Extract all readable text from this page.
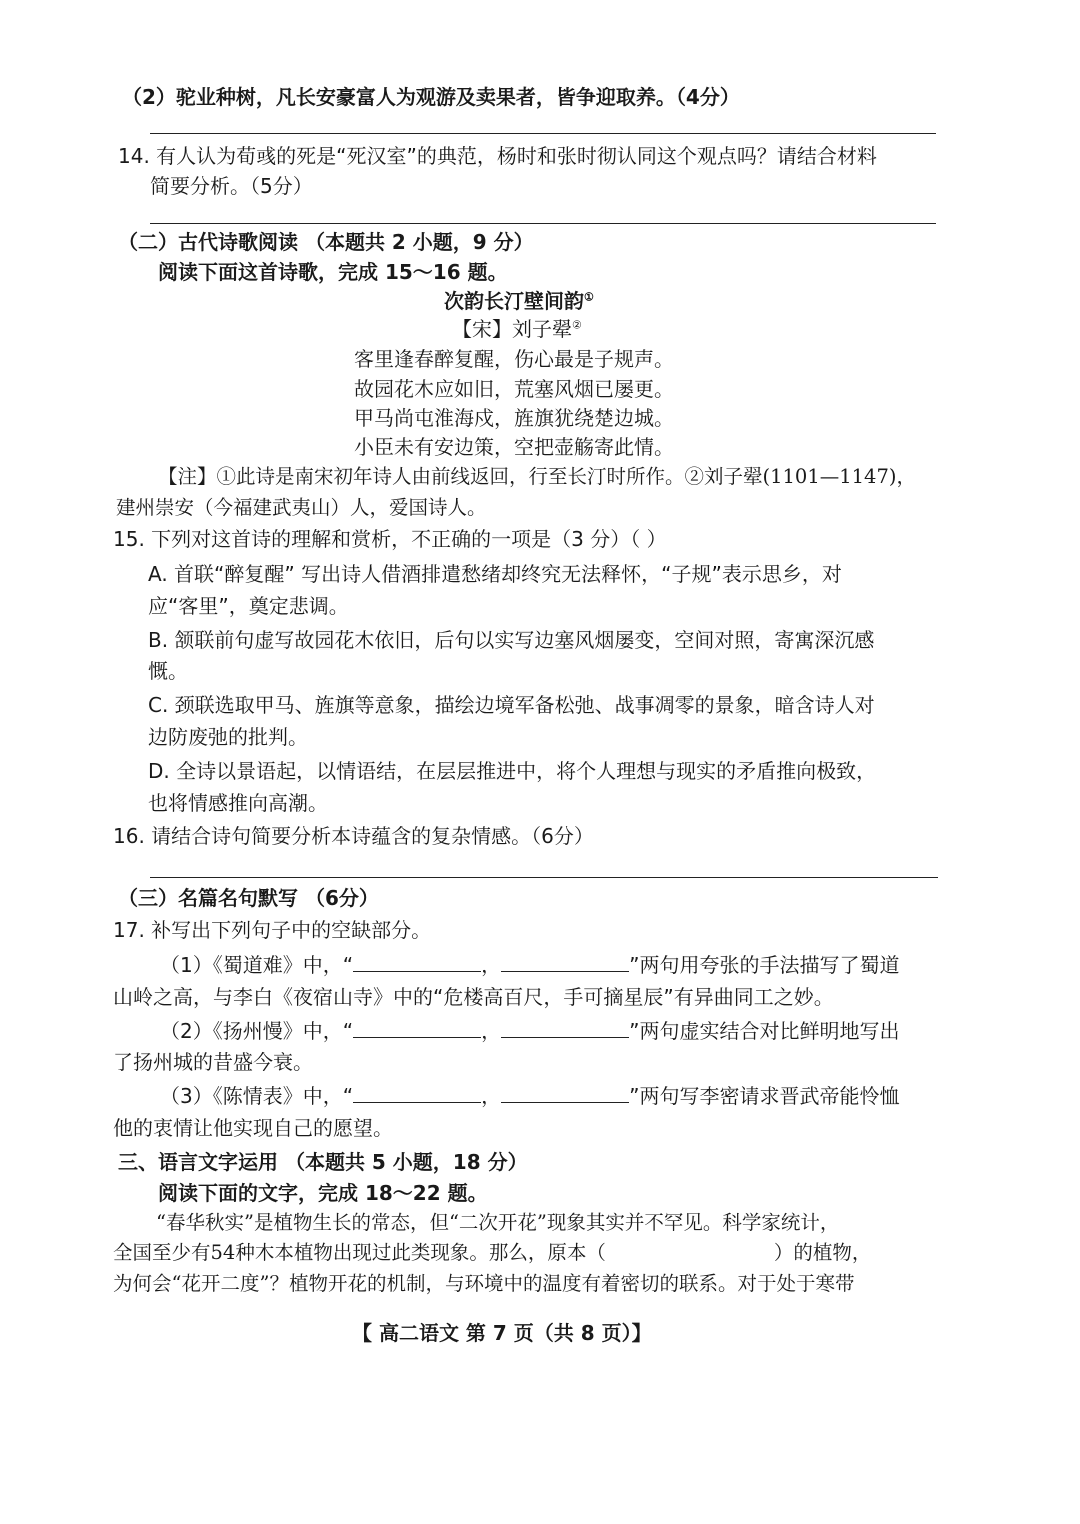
（2）驼业种树，凡长安豪富人为观游及卖果者，皆争迎取养。（4分）
14. 有人认为荀彧的死是“死汉室”的典范，杨时和张时彻认同这个观点吗？请结合材料
简要分析。（5分）
（二）古代诗歌阅读 （本题共 2 小题，9 分）
阅读下面这首诗歌，完成 15～16 题。
次韵长汀壁间韵①
【宋】刘子翚②
客里逢春醉复醒，伤心最是子规声。
故园花木应如旧，荒塞风烟已屡更。
甲马尚屯淮海戍，旌旗犹绕楚边城。
小臣未有安边策，空把壶觞寄此情。
【注】①此诗是南宋初年诗人由前线返回，行至长汀时所作。②刘子翚(1101—1147)，
建州崇安（今福建武夷山）人，爱国诗人。
15. 下列对这首诗的理解和赏析，不正确的一项是（3 分）（ ）
A. 首联“醉复醒” 写出诗人借酒排遣愁绪却终究无法释怀，“子规”表示思乡，对
应“客里”，奠定悲调。
B. 颔联前句虚写故园花木依旧，后句以实写边塞风烟屡变，空间对照，寄寓深沉感
慨。
C. 颈联选取甲马、旌旗等意象，描绘边境军备松弛、战事凋零的景象，暗含诗人对
边防废弛的批判。
D. 全诗以景语起，以情语结，在层层推进中，将个人理想与现实的矛盾推向极致，
也将情感推向高潮。
16. 请结合诗句简要分析本诗蕴含的复杂情感。（6分）
（三）名篇名句默写 （6分）
17. 补写出下列句子中的空缺部分。
（1）《蜀道难》中，“	，	”两句用夸张的手法描写了蜀道
山岭之高，与李白《夜宿山寺》中的“危楼高百尺，手可摘星辰”有异曲同工之妙。
（2）《扬州慢》中，“	，	”两句虚实结合对比鲜明地写出
了扬州城的昔盛今衰。
（3）《陈情表》中，“	，	”两句写李密请求晋武帝能怜恤
他的衷情让他实现自己的愿望。
三、语言文字运用 （本题共 5 小题，18 分）
阅读下面的文字，完成 18～22 题。
“春华秋实”是植物生长的常态，但“二次开花”现象其实并不罕见。科学家统计，
全国至少有54种木本植物出现过此类现象。那么，原本（	）的植物，
为何会“花开二度”？植物开花的机制，与环境中的温度有着密切的联系。对于处于寒带
【 高二语文 第 7 页（共 8 页）】
